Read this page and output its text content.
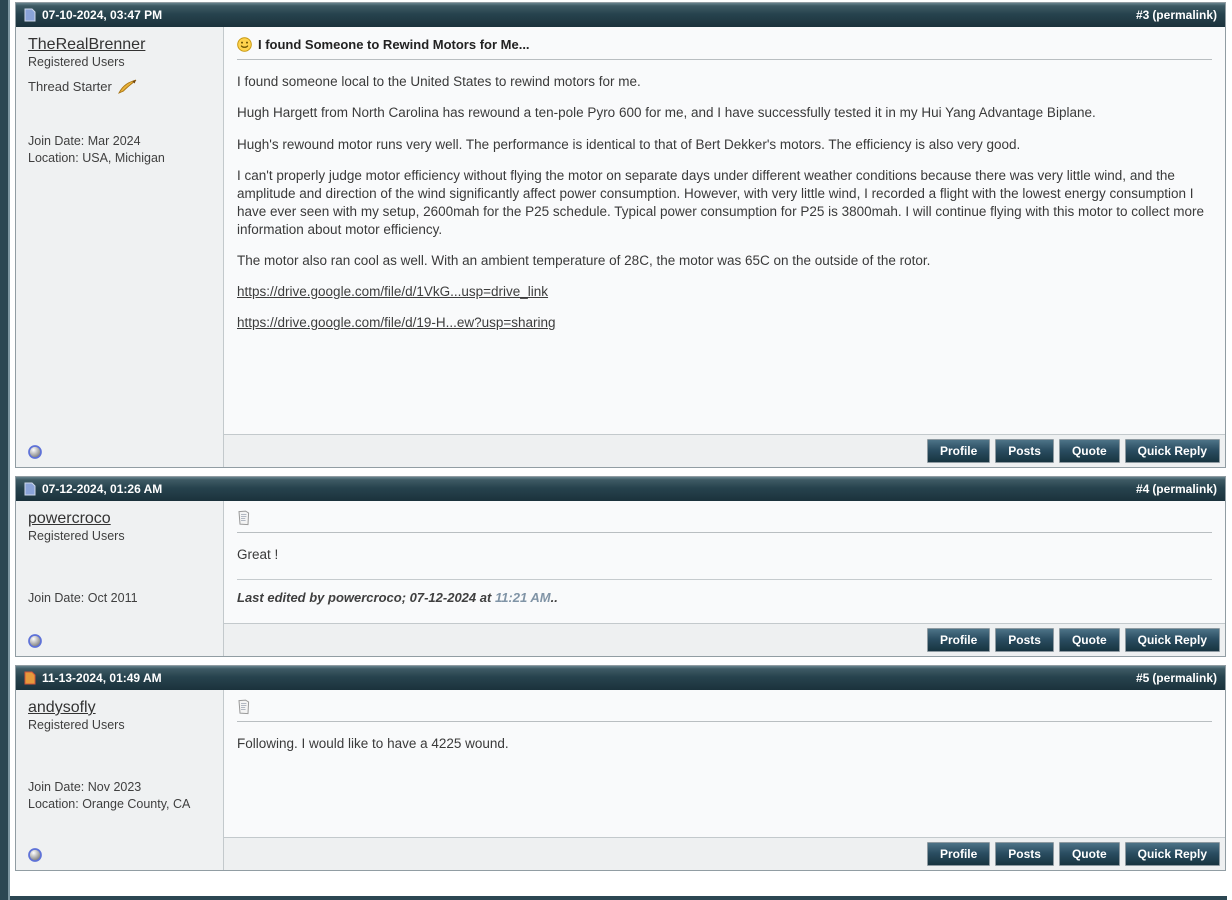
07-10-2024, 03:47 PM	#3 (permalink)
TheRealBrenner
Registered Users
Thread Starter
Join Date: Mar 2024
Location: USA, Michigan
I found Someone to Rewind Motors for Me...

I found someone local to the United States to rewind motors for me.

Hugh Hargett from North Carolina has rewound a ten-pole Pyro 600 for me, and I have successfully tested it in my Hui Yang Advantage Biplane.

Hugh's rewound motor runs very well. The performance is identical to that of Bert Dekker's motors. The efficiency is also very good.

I can't properly judge motor efficiency without flying the motor on separate days under different weather conditions because there was very little wind, and the amplitude and direction of the wind significantly affect power consumption. However, with very little wind, I recorded a flight with the lowest energy consumption I have ever seen with my setup, 2600mah for the P25 schedule. Typical power consumption for P25 is 3800mah. I will continue flying with this motor to collect more information about motor efficiency.

The motor also ran cool as well. With an ambient temperature of 28C, the motor was 65C on the outside of the rotor.

https://drive.google.com/file/d/1VkG...usp=drive_link

https://drive.google.com/file/d/19-H...ew?usp=sharing

Profile	Posts	Quote	Quick Reply
07-12-2024, 01:26 AM	#4 (permalink)
powercroco
Registered Users
Join Date: Oct 2011

Great !

Last edited by powercroco; 07-12-2024 at 11:21 AM..
Profile	Posts	Quote	Quick Reply
11-13-2024, 01:49 AM	#5 (permalink)
andysofly
Registered Users
Join Date: Nov 2023
Location: Orange County, CA

Following. I would like to have a 4225 wound.

Profile	Posts	Quote	Quick Reply
